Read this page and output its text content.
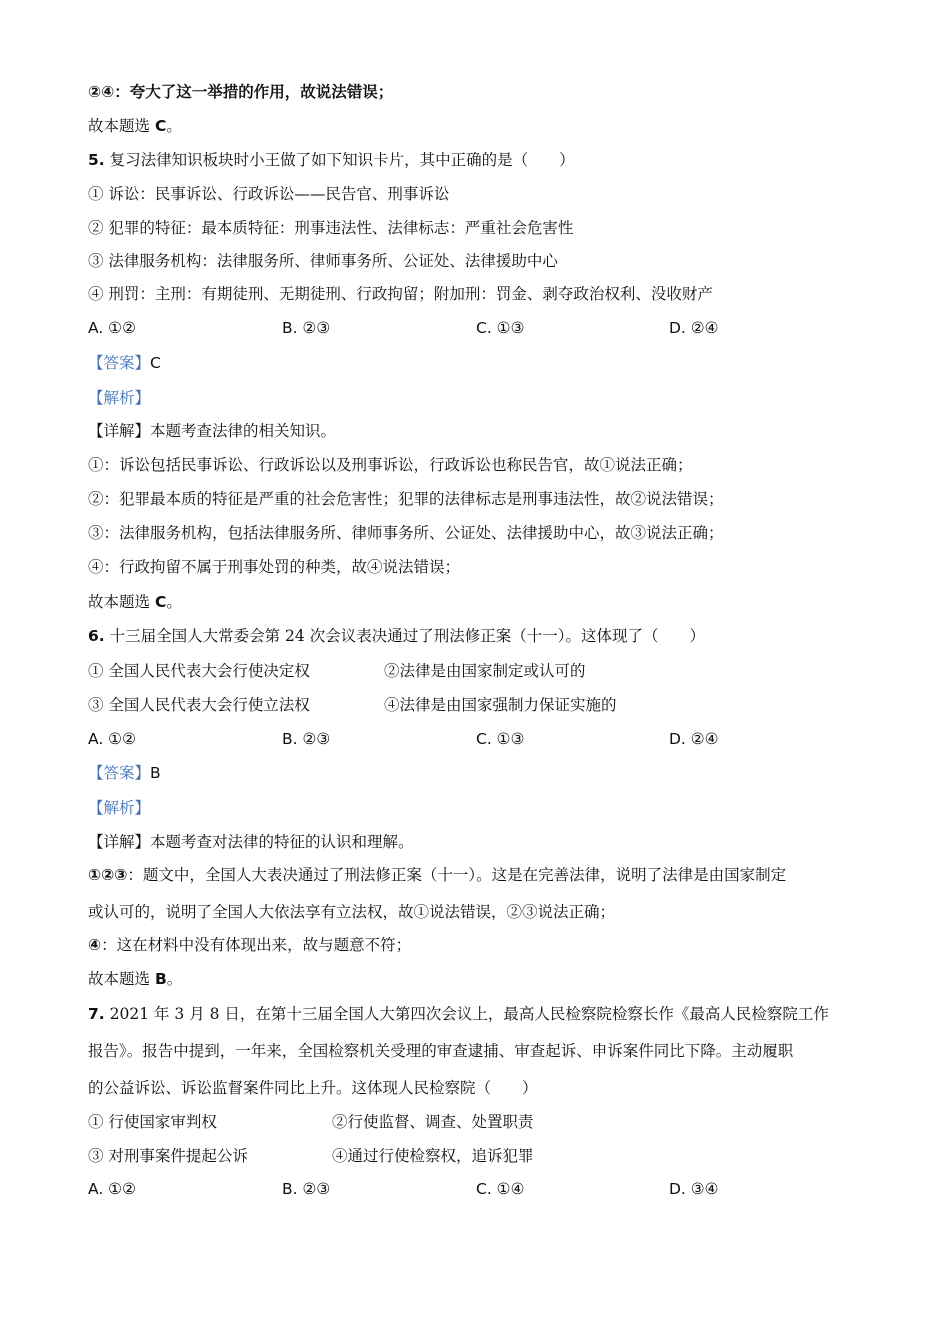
②④：夸大了这一举措的作用，故说法错误；
故本题选 C。
5. 复习法律知识板块时小王做了如下知识卡片，其中正确的是（　　）
① 诉讼：民事诉讼、行政诉讼——民告官、刑事诉讼
② 犯罪的特征：最本质特征：刑事违法性、法律标志：严重社会危害性
③ 法律服务机构：法律服务所、律师事务所、公证处、法律援助中心
④ 刑罚：主刑：有期徒刑、无期徒刑、行政拘留；附加刑：罚金、剥夺政治权利、没收财产
A. ①②	B. ②③	C. ①③	D. ②④
【答案】C
【解析】
【详解】本题考查法律的相关知识。
①：诉讼包括民事诉讼、行政诉讼以及刑事诉讼，行政诉讼也称民告官，故①说法正确；
②：犯罪最本质的特征是严重的社会危害性；犯罪的法律标志是刑事违法性，故②说法错误；
③：法律服务机构，包括法律服务所、律师事务所、公证处、法律援助中心，故③说法正确；
④：行政拘留不属于刑事处罚的种类，故④说法错误；
故本题选 C。
6. 十三届全国人大常委会第 24 次会议表决通过了刑法修正案（十一）。这体现了（　　）
① 全国人民代表大会行使决定权	②法律是由国家制定或认可的
③ 全国人民代表大会行使立法权	④法律是由国家强制力保证实施的
A. ①②	B. ②③	C. ①③	D. ②④
【答案】B
【解析】
【详解】本题考查对法律的特征的认识和理解。
①②③：题文中，全国人大表决通过了刑法修正案（十一）。这是在完善法律，说明了法律是由国家制定
或认可的，说明了全国人大依法享有立法权，故①说法错误，②③说法正确；
④：这在材料中没有体现出来，故与题意不符；
故本题选 B。
7. 2021 年 3 月 8 日，在第十三届全国人大第四次会议上，最高人民检察院检察长作《最高人民检察院工作
报告》。报告中提到，一年来，全国检察机关受理的审查逮捕、审查起诉、申诉案件同比下降。主动履职
的公益诉讼、诉讼监督案件同比上升。这体现人民检察院（　　）
① 行使国家审判权	②行使监督、调查、处置职责
③ 对刑事案件提起公诉	④通过行使检察权，追诉犯罪
A. ①②	B. ②③	C. ①④	D. ③④
